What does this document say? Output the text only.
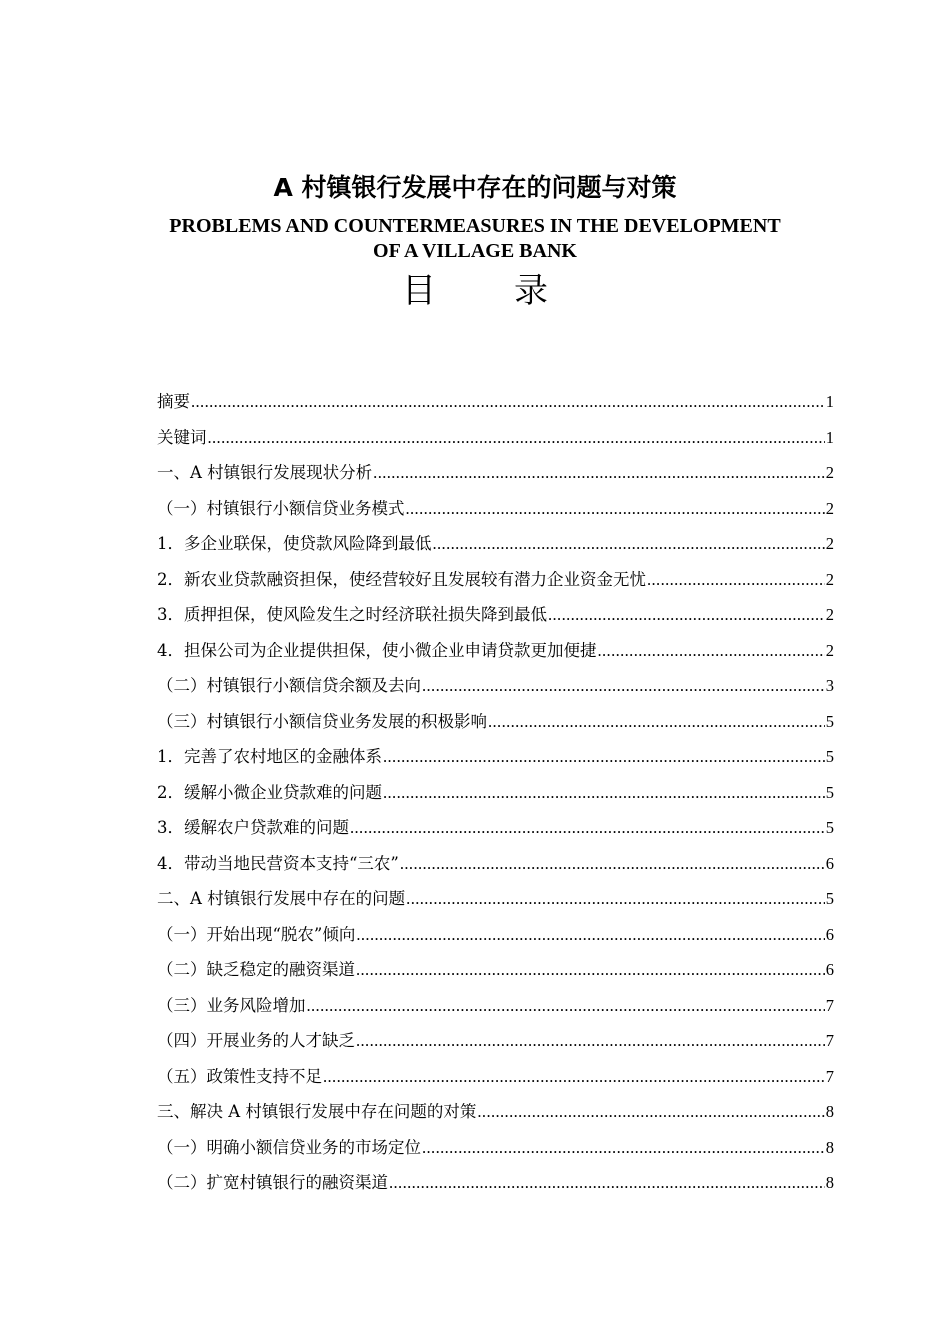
A 村镇银行发展中存在的问题与对策
PROBLEMS AND COUNTERMEASURES IN THE DEVELOPMENT
OF A VILLAGE BANK
目录
摘要 .....	1
关键词 .....	1
一、A 村镇银行发展现状分析 .....	2
（一）村镇银行小额信贷业务模式 .....	2
1．多企业联保，使贷款风险降到最低 .....	2
2．新农业贷款融资担保，使经营较好且发展较有潜力企业资金无忧 .....	2
3．质押担保，使风险发生之时经济联社损失降到最低 .....	2
4．担保公司为企业提供担保，使小微企业申请贷款更加便捷 .....	2
（二）村镇银行小额信贷余额及去向 .....	3
（三）村镇银行小额信贷业务发展的积极影响 .....	5
1．完善了农村地区的金融体系 .....	5
2．缓解小微企业贷款难的问题 .....	5
3．缓解农户贷款难的问题 .....	5
4．带动当地民营资本支持“三农” .....	6
二、A 村镇银行发展中存在的问题 .....	5
（一）开始出现“脱农”倾向 .....	6
（二）缺乏稳定的融资渠道 .....	6
（三）业务风险增加 .....	7
（四）开展业务的人才缺乏 .....	7
（五）政策性支持不足 .....	7
三、解决 A 村镇银行发展中存在问题的对策 .....	8
（一）明确小额信贷业务的市场定位 .....	8
（二）扩宽村镇银行的融资渠道 .....	8
